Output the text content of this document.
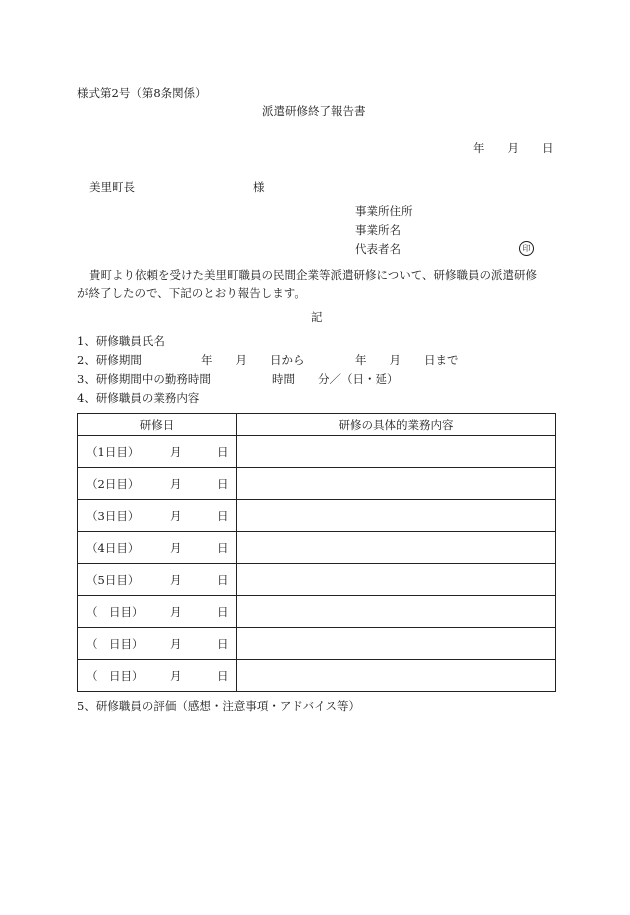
様式第2号（第8条関係）
派遣研修終了報告書
年　　月　　日
美里町長	様
事業所住所
事業所名
代表者名	印
貴町より依頼を受けた美里町職員の民間企業等派遣研修について、研修職員の派遣研修
が終了したので、下記のとおり報告します。
記
1、研修職員氏名
2、研修期間	年　　月　　日から	年　　月　　日まで
3、研修期間中の勤務時間	時間　　分／（日・延）
4、研修職員の業務内容
研修日	研修の具体的業務内容

（1日目） 月 日	

（2日目） 月 日	

（3日目） 月 日	

（4日目） 月 日	

（5日目） 月 日	

（　日目） 月 日	

（　日目） 月 日	

（　日目） 月 日	

5、研修職員の評価（感想・注意事項・アドバイス等）
